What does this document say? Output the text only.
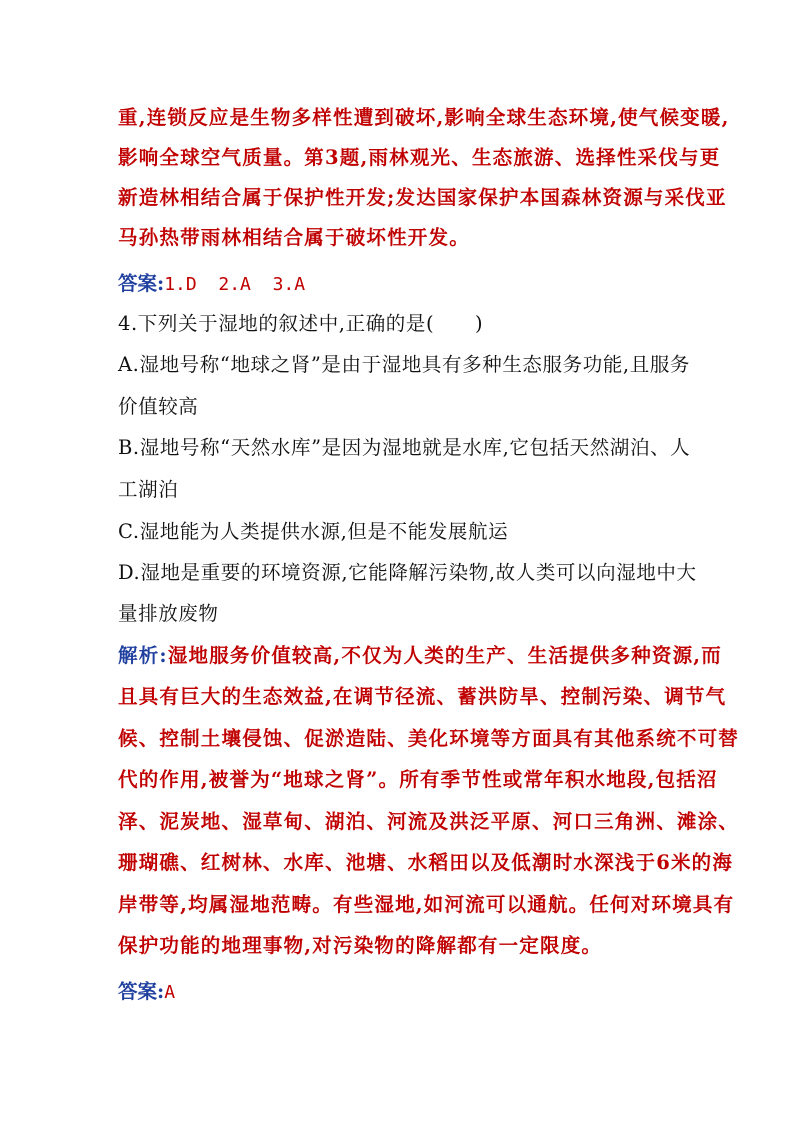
重,连锁反应是生物多样性遭到破坏,影响全球生态环境,使气候变暖,
影响全球空气质量。第3题,雨林观光、生态旅游、选择性采伐与更
新造林相结合属于保护性开发;发达国家保护本国森林资源与采伐亚
马孙热带雨林相结合属于破坏性开发。
答案:1.D  2.A  3.A
4.下列关于湿地的叙述中,正确的是(      )
A.湿地号称“地球之肾”是由于湿地具有多种生态服务功能,且服务
价值较高
B.湿地号称“天然水库”是因为湿地就是水库,它包括天然湖泊、人
工湖泊
C.湿地能为人类提供水源,但是不能发展航运
D.湿地是重要的环境资源,它能降解污染物,故人类可以向湿地中大
量排放废物
解析:湿地服务价值较高,不仅为人类的生产、生活提供多种资源,而
且具有巨大的生态效益,在调节径流、蓄洪防旱、控制污染、调节气
候、控制土壤侵蚀、促淤造陆、美化环境等方面具有其他系统不可替
代的作用,被誉为“地球之肾”。所有季节性或常年积水地段,包括沼
泽、泥炭地、湿草甸、湖泊、河流及洪泛平原、河口三角洲、滩涂、
珊瑚礁、红树林、水库、池塘、水稻田以及低潮时水深浅于6米的海
岸带等,均属湿地范畴。有些湿地,如河流可以通航。任何对环境具有
保护功能的地理事物,对污染物的降解都有一定限度。
答案:A
